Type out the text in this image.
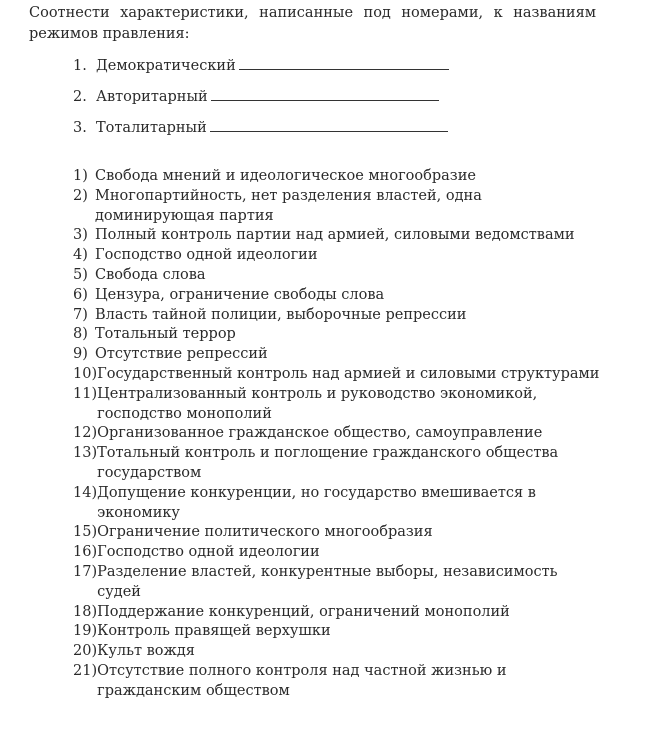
Соотнести характеристики, написанные под номерами, к названиям режимов правления:
1. Демократический
2. Авторитарный
3. Тоталитарный
1) Свобода мнений и идеологическое многообразие
2) Многопартийность, нет разделения властей, одна доминирующая партия
3) Полный контроль партии над армией, силовыми ведомствами
4) Господство одной идеологии
5) Свобода слова
6) Цензура, ограничение свободы слова
7) Власть тайной полиции, выборочные репрессии
8) Тотальный террор
9) Отсутствие репрессий
10) Государственный контроль над армией и силовыми структурами
11) Централизованный контроль и руководство экономикой, господство монополий
12) Организованное гражданское общество, самоуправление
13) Тотальный контроль и поглощение гражданского общества государством
14) Допущение конкуренции, но государство вмешивается в экономику
15) Ограничение политического многообразия
16) Господство одной идеологии
17) Разделение властей, конкурентные выборы, независимость судей
18) Поддержание конкуренций, ограничений монополий
19) Контроль правящей верхушки
20) Культ вождя
21) Отсутствие полного контроля над частной жизнью и гражданским обществом
